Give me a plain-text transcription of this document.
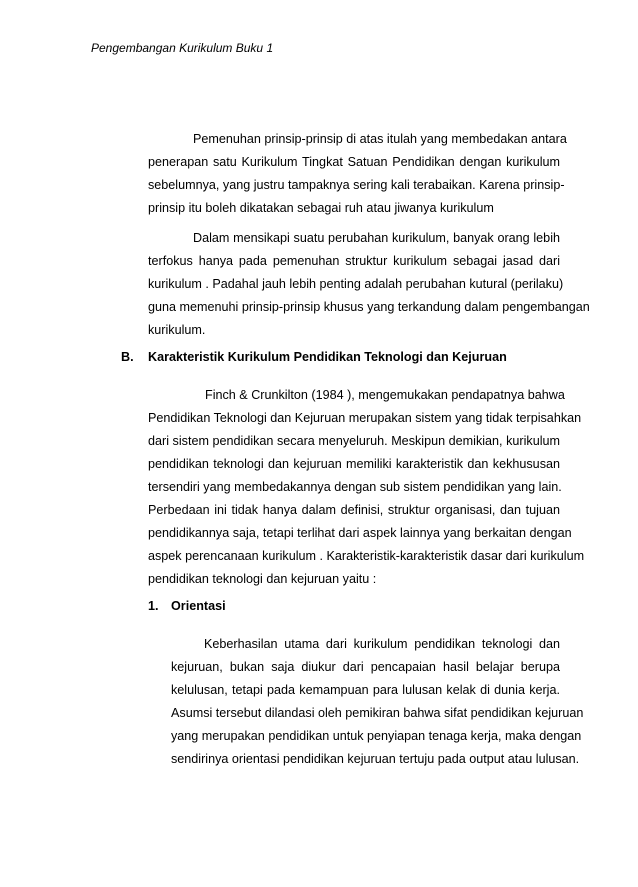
Pengembangan Kurikulum Buku 1
Pemenuhan prinsip-prinsip di atas itulah yang membedakan antara
penerapan satu Kurikulum Tingkat Satuan Pendidikan dengan kurikulum
sebelumnya, yang justru tampaknya sering kali terabaikan. Karena prinsip-
prinsip itu boleh dikatakan sebagai ruh atau jiwanya kurikulum
Dalam mensikapi suatu perubahan kurikulum, banyak orang lebih
terfokus hanya pada pemenuhan struktur kurikulum sebagai jasad dari
kurikulum . Padahal jauh lebih penting adalah perubahan kutural (perilaku)
guna memenuhi prinsip-prinsip khusus yang terkandung dalam pengembangan
kurikulum.
B. Karakteristik Kurikulum Pendidikan Teknologi dan Kejuruan
Finch & Crunkilton (1984 ), mengemukakan pendapatnya bahwa
Pendidikan Teknologi dan Kejuruan merupakan sistem yang tidak terpisahkan
dari sistem pendidikan secara menyeluruh. Meskipun demikian, kurikulum
pendidikan teknologi dan kejuruan memiliki karakteristik dan kekhususan
tersendiri yang membedakannya dengan sub sistem pendidikan yang lain.
Perbedaan ini tidak hanya dalam definisi, struktur organisasi, dan tujuan
pendidikannya saja, tetapi terlihat dari aspek lainnya yang berkaitan dengan
aspek perencanaan kurikulum . Karakteristik-karakteristik dasar dari kurikulum
pendidikan teknologi dan kejuruan yaitu :
1. Orientasi
Keberhasilan utama dari kurikulum pendidikan teknologi dan
kejuruan, bukan saja diukur dari pencapaian hasil belajar berupa
kelulusan, tetapi pada kemampuan para lulusan kelak di dunia kerja.
Asumsi tersebut dilandasi oleh pemikiran bahwa sifat pendidikan kejuruan
yang merupakan pendidikan untuk penyiapan tenaga kerja, maka dengan
sendirinya orientasi pendidikan kejuruan tertuju pada output atau lulusan.
